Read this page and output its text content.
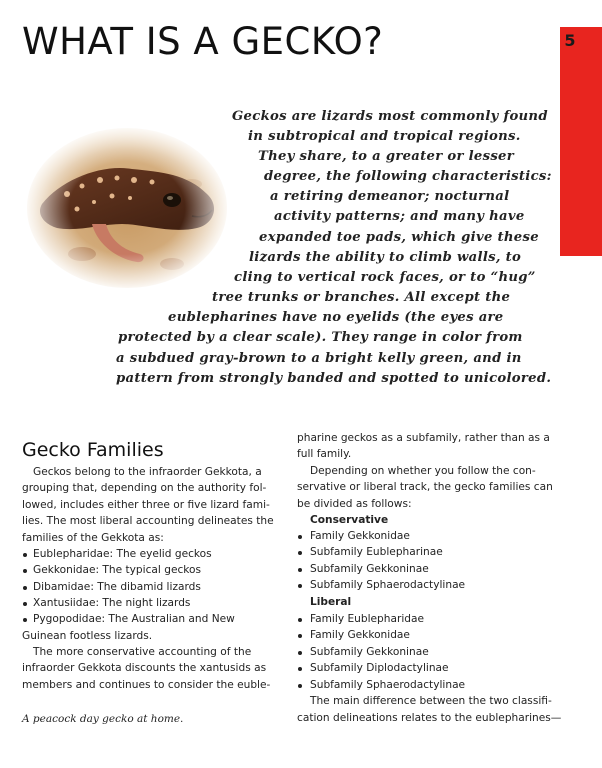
WHAT IS A GECKO?	5
Geckos are lizards most commonly found
in subtropical and tropical regions.
They share, to a greater or lesser
degree, the following characteristics:
a retiring demeanor; nocturnal
activity patterns; and many have
expanded toe pads, which give these
lizards the ability to climb walls, to
cling to vertical rock faces, or to “hug”
tree trunks or branches. All except the
eublepharines have no eyelids (the eyes are
protected by a clear scale). They range in color from
a subdued gray-brown to a bright kelly green, and in
pattern from strongly banded and spotted to unicolored.
Gecko Families
Geckos belong to the infraorder Gekkota, a
grouping that, depending on the authority fol-
lowed, includes either three or five lizard fami-
lies. The most liberal accounting delineates the
families of the Gekkota as:
Eublepharidae: The eyelid geckos
Gekkonidae: The typical geckos
Dibamidae: The dibamid lizards
Xantusiidae: The night lizards
Pygopodidae: The Australian and New
Guinean footless lizards.
The more conservative accounting of the
infraorder Gekkota discounts the xantusids as
members and continues to consider the euble-
pharine geckos as a subfamily, rather than as a
full family.
Depending on whether you follow the con-
servative or liberal track, the gecko families can
be divided as follows:
Conservative
Family Gekkonidae
Subfamily Eublepharinae
Subfamily Gekkoninae
Subfamily Sphaerodactylinae
Liberal
Family Eublepharidae
Family Gekkonidae
Subfamily Gekkoninae
Subfamily Diplodactylinae
Subfamily Sphaerodactylinae
The main difference between the two classifi-
cation delineations relates to the eublepharines—
A peacock day gecko at home.
